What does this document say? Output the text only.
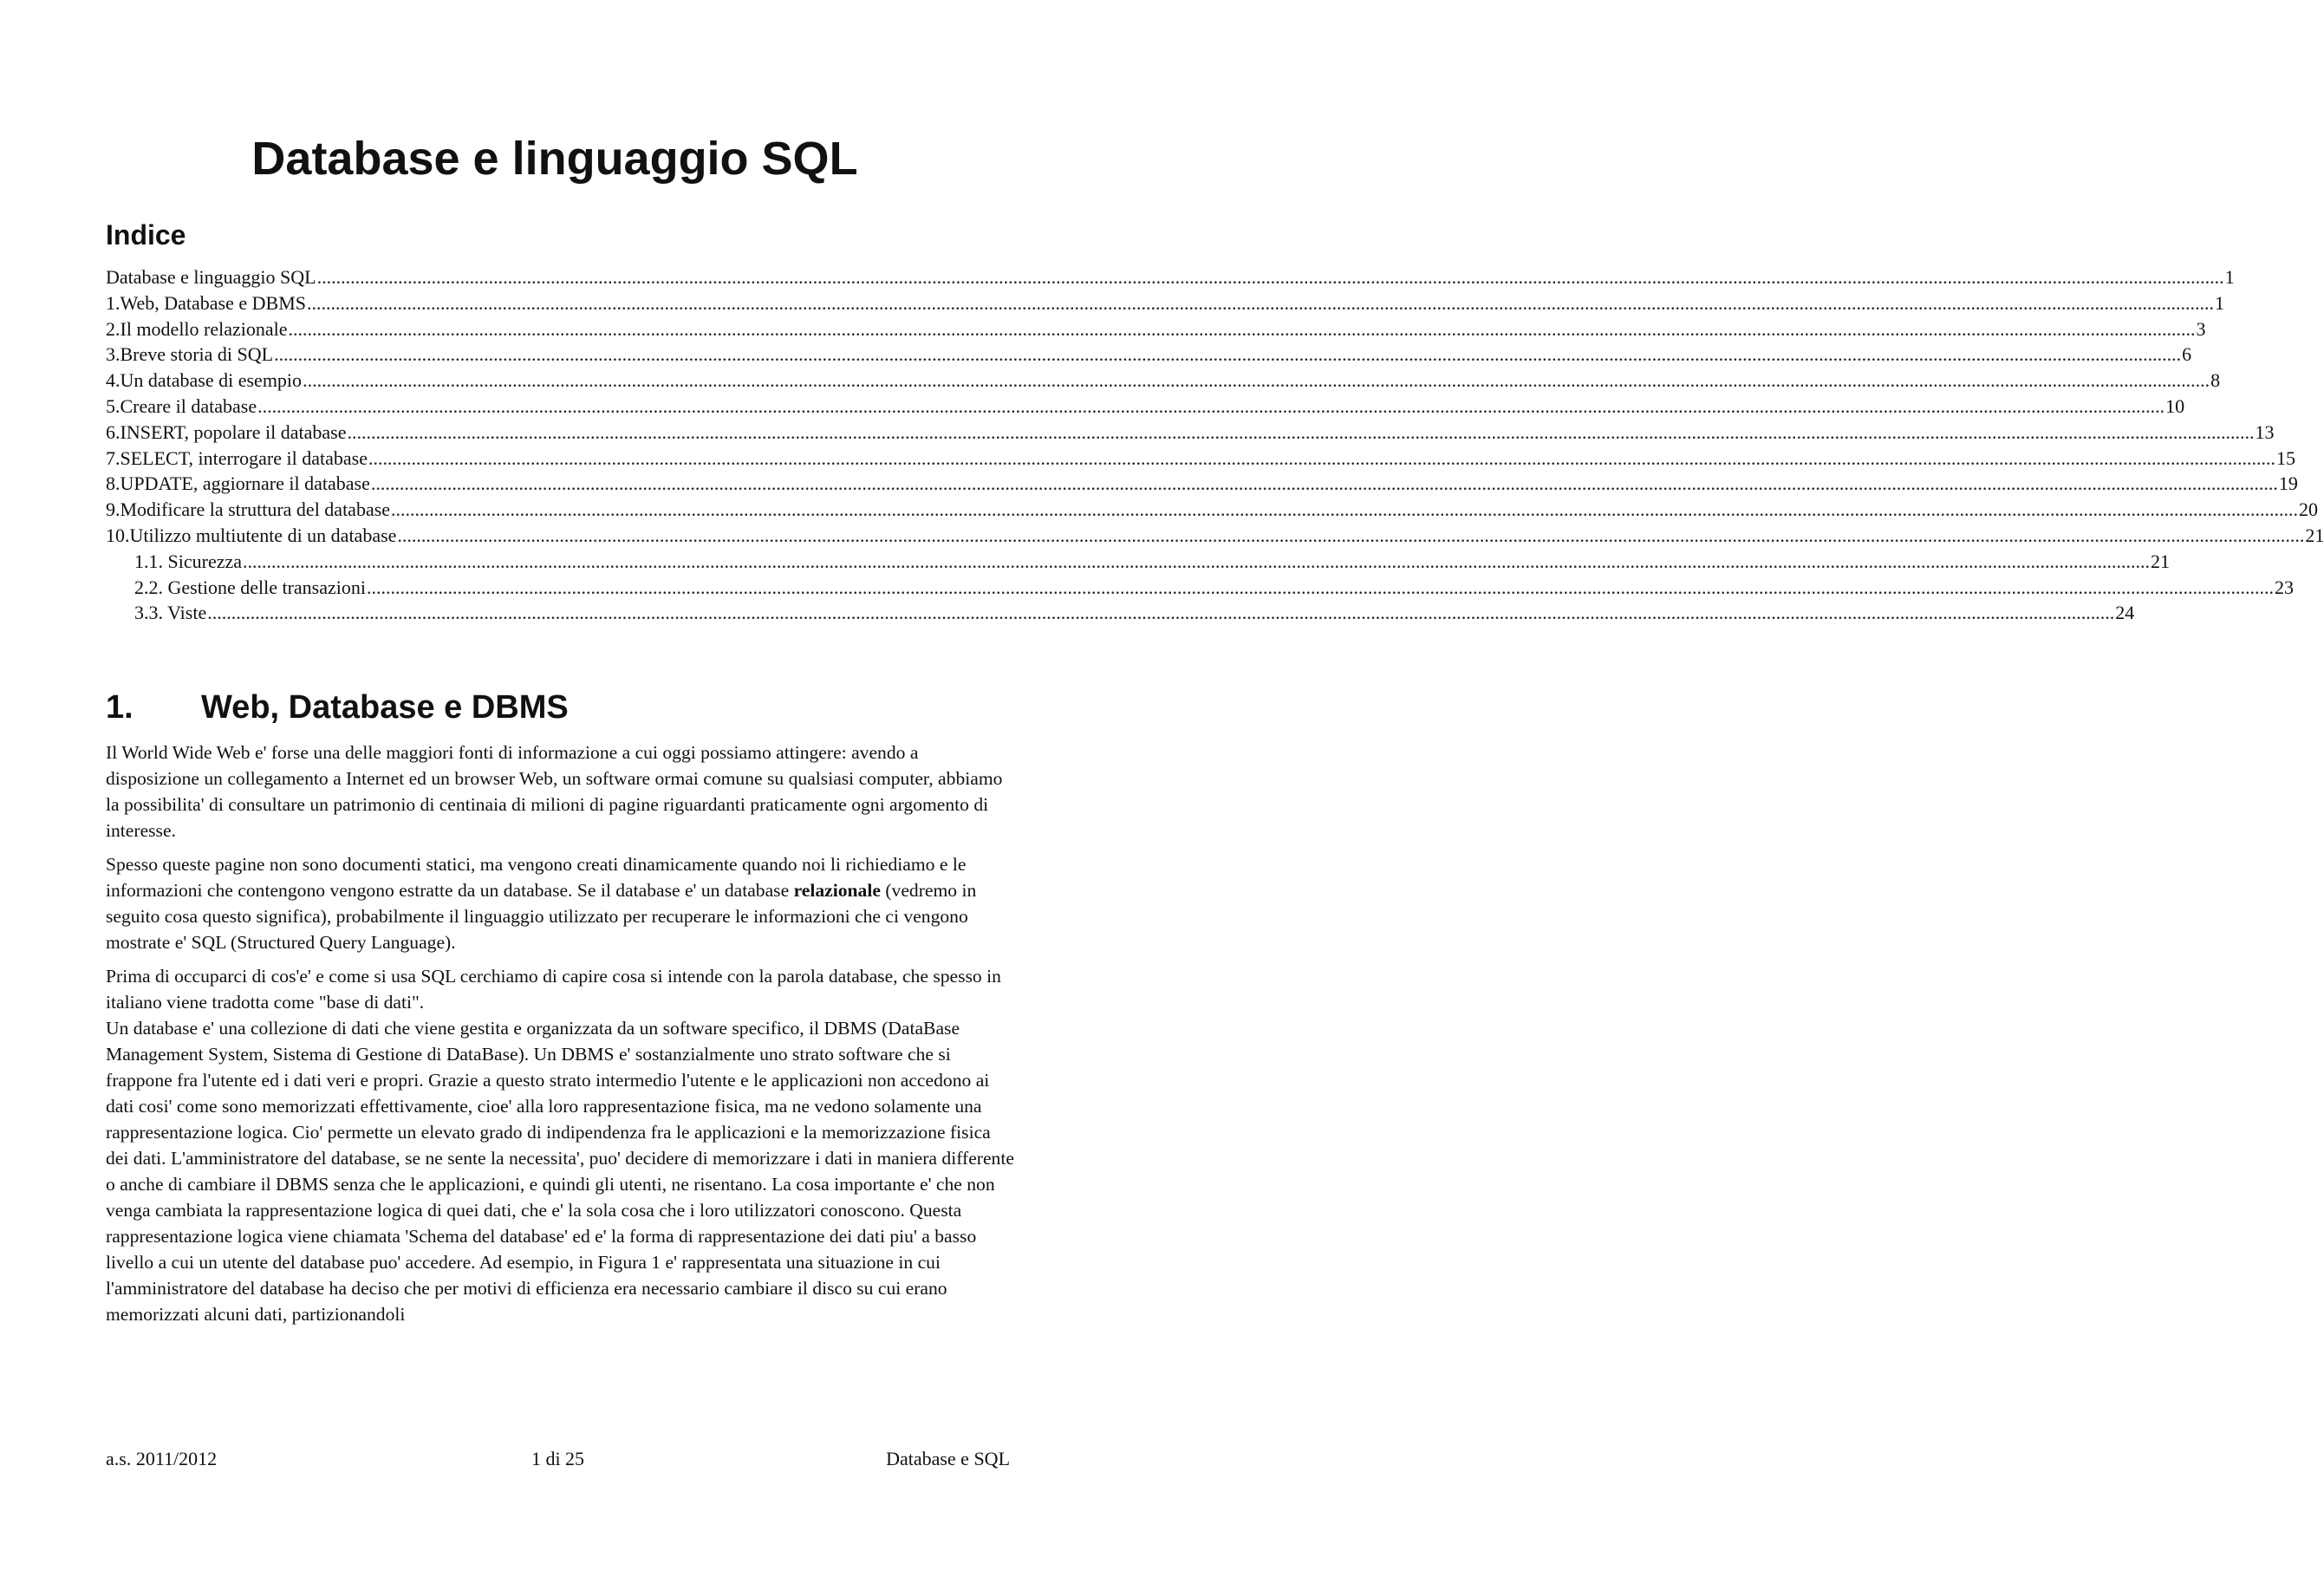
Database e linguaggio SQL
Indice
Database e linguaggio SQL ................................................................................................................................................................................................................................................................................................................................................................................................................ 1
1.Web, Database e DBMS ................................................................................................................................................................................................................................................................................................................................................................................................................ 1
2.Il modello relazionale ................................................................................................................................................................................................................................................................................................................................................................................................................ 3
3.Breve storia di SQL ................................................................................................................................................................................................................................................................................................................................................................................................................ 6
4.Un database di esempio ................................................................................................................................................................................................................................................................................................................................................................................................................ 8
5.Creare il database ................................................................................................................................................................................................................................................................................................................................................................................................................ 10
6.INSERT, popolare il database ................................................................................................................................................................................................................................................................................................................................................................................................................ 13
7.SELECT, interrogare il database ................................................................................................................................................................................................................................................................................................................................................................................................................ 15
8.UPDATE, aggiornare il database ................................................................................................................................................................................................................................................................................................................................................................................................................ 19
9.Modificare la struttura del database ................................................................................................................................................................................................................................................................................................................................................................................................................ 20
10.Utilizzo multiutente di un database ................................................................................................................................................................................................................................................................................................................................................................................................................ 21
1.1. Sicurezza ................................................................................................................................................................................................................................................................................................................................................................................................................ 21
2.2. Gestione delle transazioni ................................................................................................................................................................................................................................................................................................................................................................................................................ 23
3.3. Viste ................................................................................................................................................................................................................................................................................................................................................................................................................ 24
1.	Web, Database e DBMS

Il World Wide Web e' forse una delle maggiori fonti di informazione a cui oggi possiamo attingere: avendo a disposizione un collegamento a Internet ed un browser Web, un software ormai comune su qualsiasi computer, abbiamo la possibilita' di consultare un patrimonio di centinaia di milioni di pagine riguardanti praticamente ogni argomento di interesse.

Spesso queste pagine non sono documenti statici, ma vengono creati dinamicamente quando noi li richiediamo e le informazioni che contengono vengono estratte da un database. Se il database e' un database relazionale (vedremo in seguito cosa questo significa), probabilmente il linguaggio utilizzato per recuperare le informazioni che ci vengono mostrate e' SQL (Structured Query Language).

Prima di occuparci di cos'e' e come si usa SQL cerchiamo di capire cosa si intende con la parola database, che spesso in italiano viene tradotta come "base di dati".

Un database e' una collezione di dati che viene gestita e organizzata da un software specifico, il DBMS (DataBase Management System, Sistema di Gestione di DataBase). Un DBMS e' sostanzialmente uno strato software che si frappone fra l'utente ed i dati veri e propri. Grazie a questo strato intermedio l'utente e le applicazioni non accedono ai dati cosi' come sono memorizzati effettivamente, cioe' alla loro rappresentazione fisica, ma ne vedono solamente una rappresentazione logica. Cio' permette un elevato grado di indipendenza fra le applicazioni e la memorizzazione fisica dei dati. L'amministratore del database, se ne sente la necessita', puo' decidere di memorizzare i dati in maniera differente o anche di cambiare il DBMS senza che le applicazioni, e quindi gli utenti, ne risentano. La cosa importante e' che non venga cambiata la rappresentazione logica di quei dati, che e' la sola cosa che i loro utilizzatori conoscono. Questa rappresentazione logica viene chiamata 'Schema del database' ed e' la forma di rappresentazione dei dati piu' a basso livello a cui un utente del database puo' accedere. Ad esempio, in Figura 1 e' rappresentata una situazione in cui l'amministratore del database ha deciso che per motivi di efficienza era necessario cambiare il disco su cui erano memorizzati alcuni dati, partizionandoli

a.s. 2011/2012	1 di 25	Database e SQL
